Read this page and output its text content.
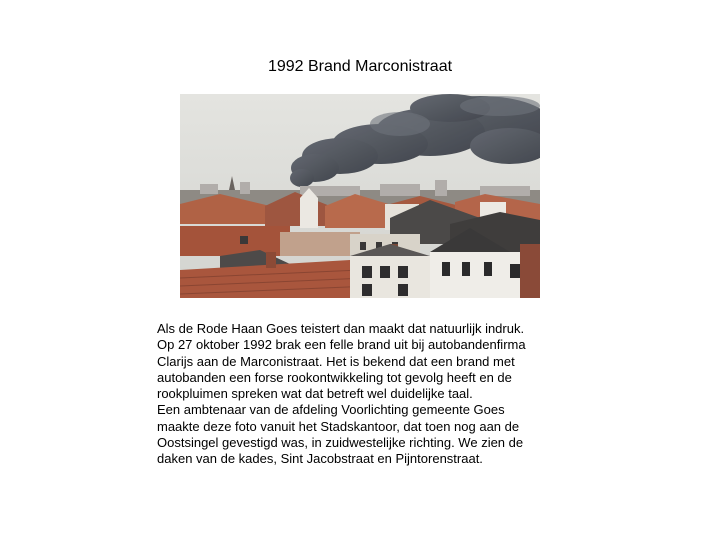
1992 Brand Marconistraat

Als de Rode Haan Goes teistert dan maakt dat natuurlijk indruk.

Op 27 oktober 1992 brak een felle brand uit bij autobandenfirma

Clarijs aan de Marconistraat. Het is bekend dat een brand met

autobanden een forse rookontwikkeling tot gevolg heeft en de

rookpluimen spreken wat dat betreft wel duidelijke taal.

Een ambtenaar van de afdeling Voorlichting gemeente Goes

maakte deze foto vanuit het Stadskantoor, dat toen nog aan de

Oostsingel gevestigd was, in zuidwestelijke richting. We zien de

daken van de kades, Sint Jacobstraat en Pijntorenstraat.
